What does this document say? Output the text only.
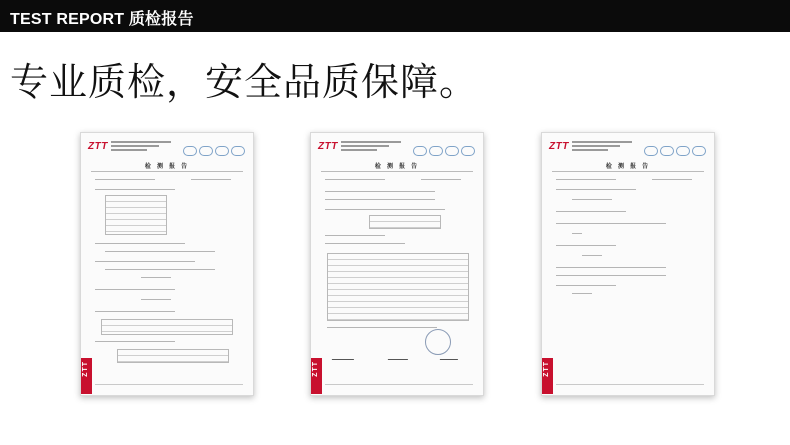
TEST REPORT 质检报告
专业质检，安全品质保障。
ZTT
检 测 报 告
ZTT
ZTT
检 测 报 告
ZTT
ZTT
检 测 报 告
ZTT
